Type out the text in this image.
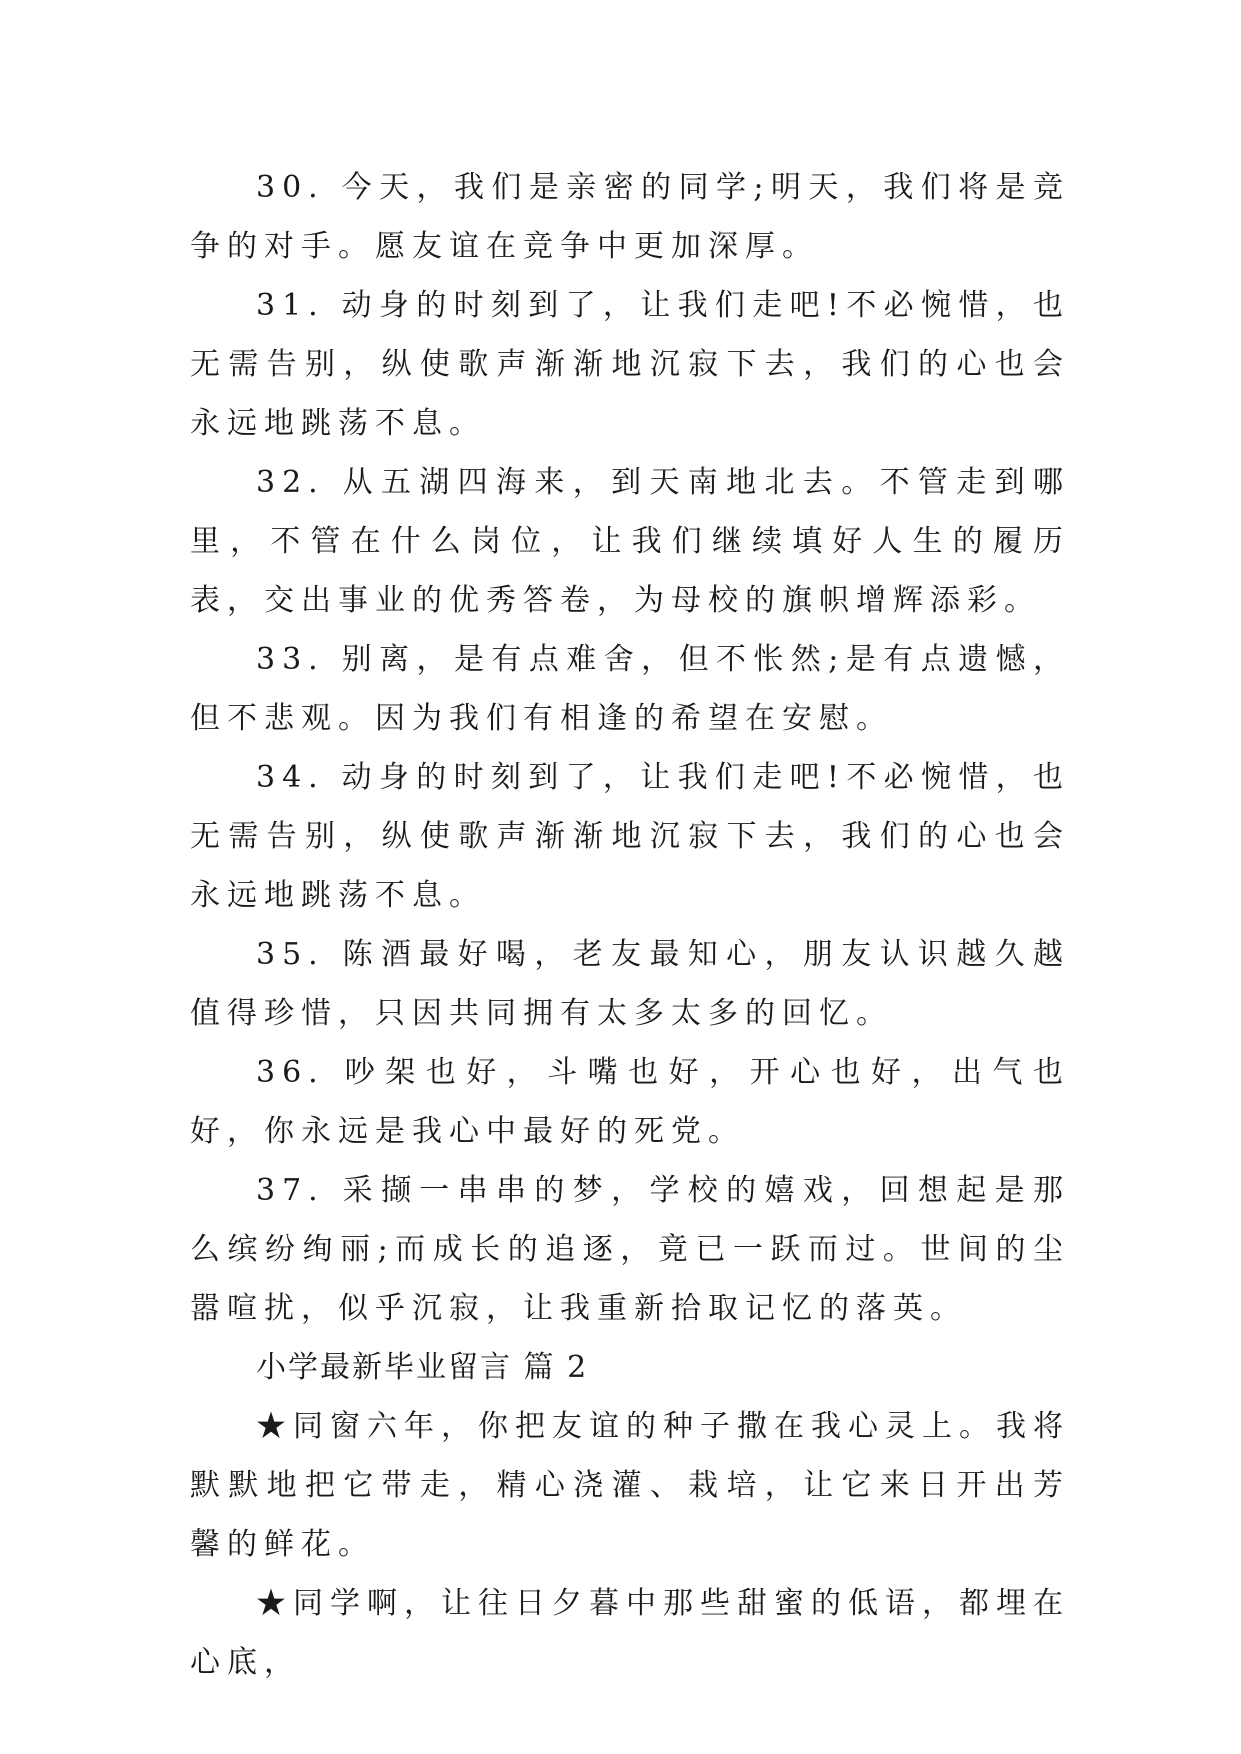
30. 今天，我们是亲密的同学;明天，我们将是竞争的对手。愿友谊在竞争中更加深厚。

31. 动身的时刻到了，让我们走吧!不必惋惜，也无需告别，纵使歌声渐渐地沉寂下去，我们的心也会永远地跳荡不息。

32. 从五湖四海来，到天南地北去。不管走到哪里，不管在什么岗位，让我们继续填好人生的履历表，交出事业的优秀答卷，为母校的旗帜增辉添彩。

33. 别离，是有点难舍，但不怅然;是有点遗憾，但不悲观。因为我们有相逢的希望在安慰。

34. 动身的时刻到了，让我们走吧!不必惋惜，也无需告别，纵使歌声渐渐地沉寂下去，我们的心也会永远地跳荡不息。

35. 陈酒最好喝，老友最知心，朋友认识越久越值得珍惜，只因共同拥有太多太多的回忆。

36. 吵架也好，斗嘴也好，开心也好，出气也好，你永远是我心中最好的死党。

37. 采撷一串串的梦，学校的嬉戏，回想起是那么缤纷绚丽;而成长的追逐，竟已一跃而过。世间的尘嚣喧扰，似乎沉寂，让我重新拾取记忆的落英。

小学最新毕业留言 篇 2

★同窗六年，你把友谊的种子撒在我心灵上。我将默默地把它带走，精心浇灌、栽培，让它来日开出芳馨的鲜花。

★同学啊，让往日夕暮中那些甜蜜的低语，都埋在心底，
